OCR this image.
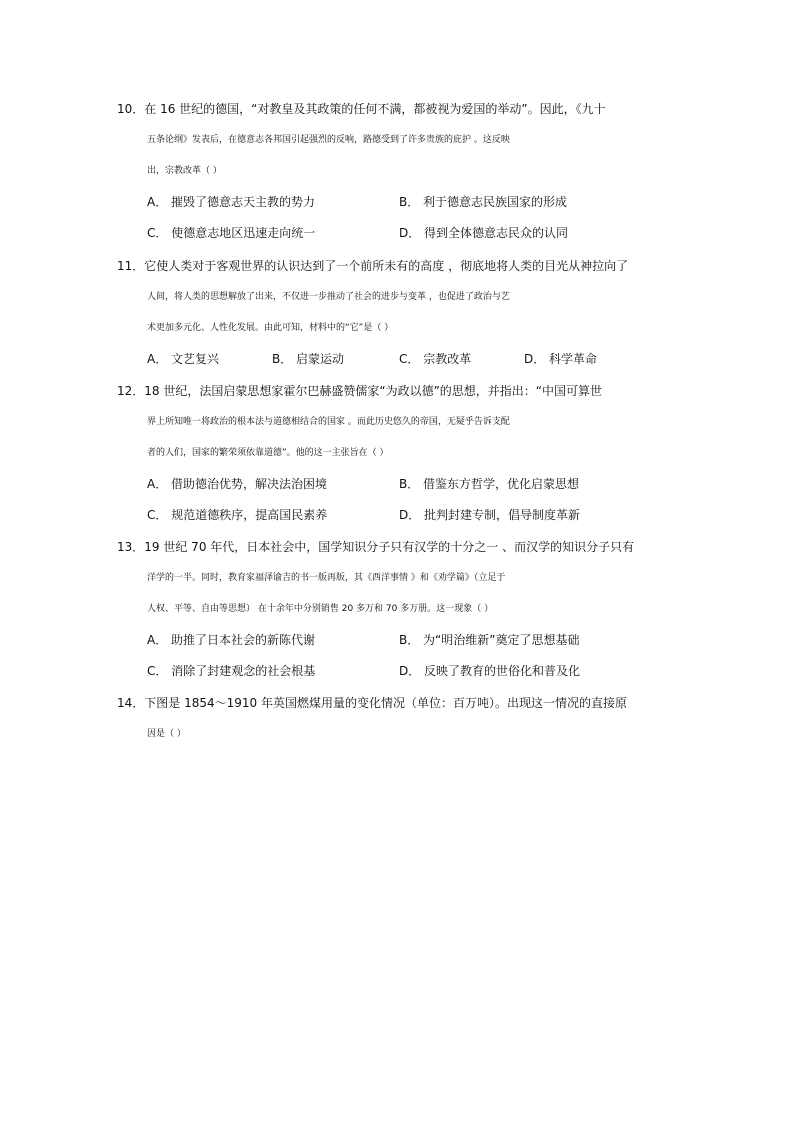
10．在 16 世纪的德国，“对教皇及其政策的任何不满，都被视为爱国的举动”。因此，《九十
五条论纲》发表后，在德意志各邦国引起强烈的反响，路德受到了许多贵族的庇护 。这反映
出，宗教改革（ ）
A． 摧毁了德意志天主教的势力	B． 利于德意志民族国家的形成
C． 使德意志地区迅速走向统一	D． 得到全体德意志民众的认同
11．它使人类对于客观世界的认识达到了一个前所未有的高度 ，彻底地将人类的目光从神拉向了
人间，将人类的思想解放了出来，不仅进一步推动了社会的进步与变革 ，也促进了政治与艺
术更加多元化、人性化发展。由此可知，材料中的“它”是（ ）
A． 文艺复兴	B． 启蒙运动	C． 宗教改革	D． 科学革命
12．18 世纪，法国启蒙思想家霍尔巴赫盛赞儒家“为政以德”的思想，并指出：“中国可算世
界上所知唯一将政治的根本法与道德相结合的国家 。而此历史悠久的帝国，无疑乎告诉支配
者的人们，国家的繁荣须依靠道德”。他的这一主张旨在（ ）
A． 借助德治优势，解决法治困境	B． 借鉴东方哲学，优化启蒙思想
C． 规范道德秩序，提高国民素养	D． 批判封建专制，倡导制度革新
13．19 世纪 70 年代，日本社会中，国学知识分子只有汉学的十分之一 、而汉学的知识分子只有
洋学的一半。同时，教育家福泽谕吉的书一版再版，其《西洋事情 》和《劝学篇》（立足于
人权、平等、自由等思想） 在十余年中分别销售 20 多万和 70 多万册。这一现象（ ）
A． 助推了日本社会的新陈代谢	B． 为“明治维新”奠定了思想基础
C． 消除了封建观念的社会根基	D． 反映了教育的世俗化和普及化
14．下图是 1854～1910 年英国燃煤用量的变化情况（单位：百万吨）。出现这一情况的直接原
因是（ ）
